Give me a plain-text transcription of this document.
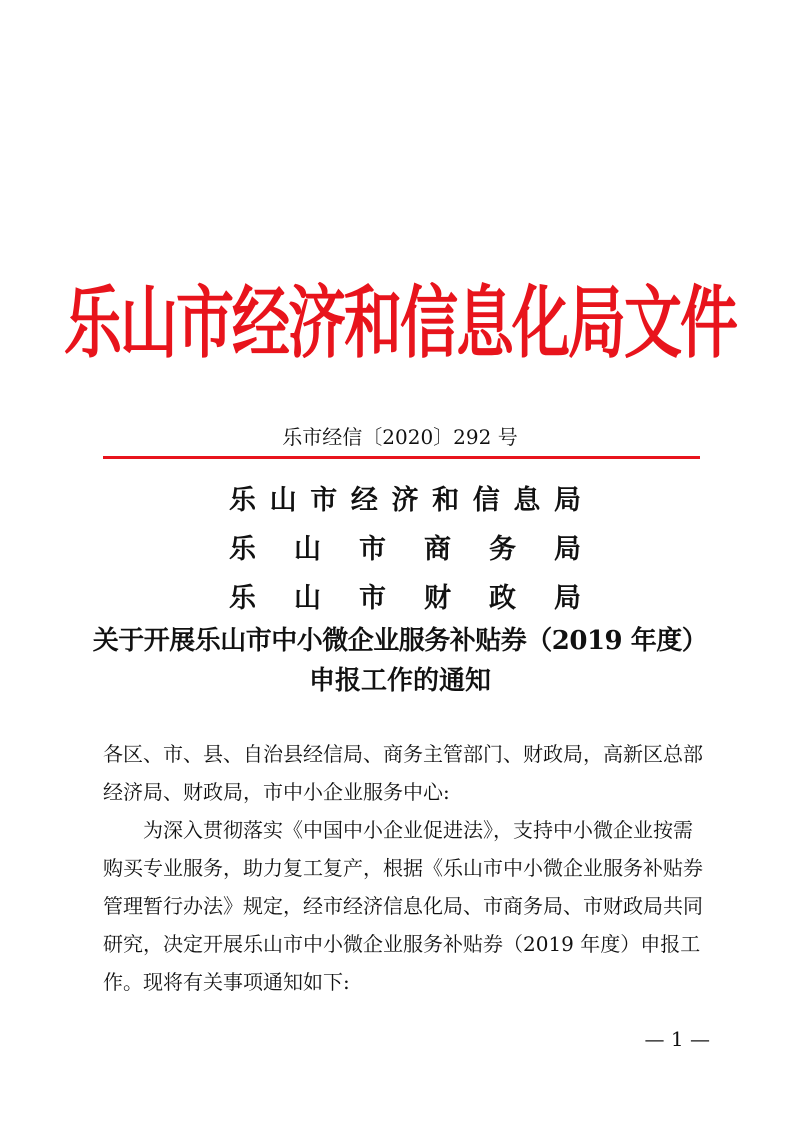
乐山市经济和信息化局文件
乐市经信〔2020〕292 号
乐 山 市 经 济 和 信 息 局
乐 山 市 商 务 局
乐 山 市 财 政 局
关于开展乐山市中小微企业服务补贴券（2019 年度）
申报工作的通知
各区、市、县、自治县经信局、商务主管部门、财政局，高新区总部经济局、财政局，市中小企业服务中心:
为深入贯彻落实《中国中小企业促进法》，支持中小微企业按需购买专业服务，助力复工复产，根据《乐山市中小微企业服务补贴券管理暂行办法》规定，经市经济信息化局、市商务局、市财政局共同研究，决定开展乐山市中小微企业服务补贴券（2019 年度）申报工作。现将有关事项通知如下:
— 1 —
